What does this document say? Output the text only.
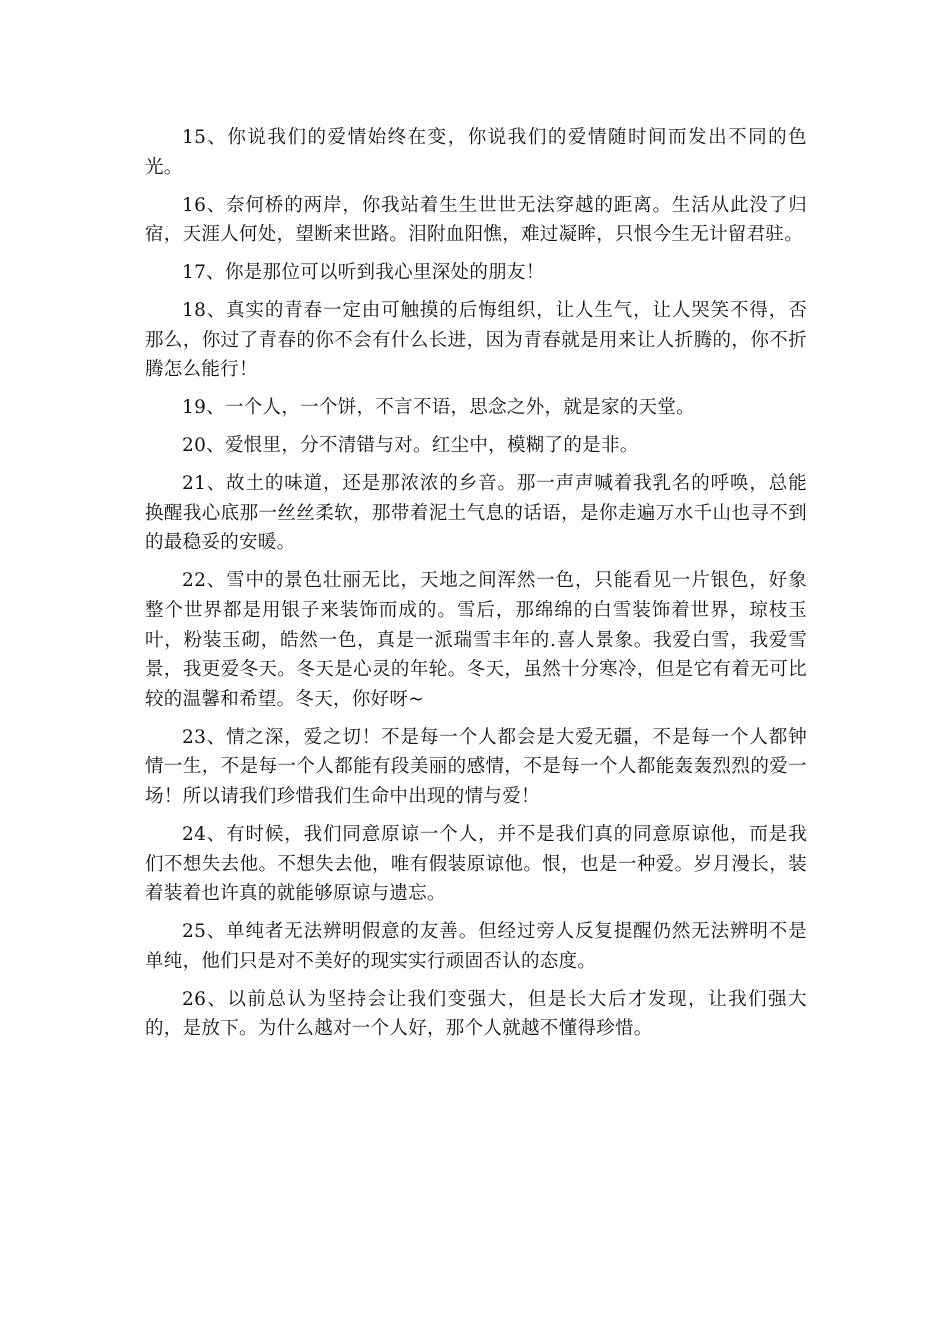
15、你说我们的爱情始终在变，你说我们的爱情随时间而发出不同的色光。

16、奈何桥的两岸，你我站着生生世世无法穿越的距离。生活从此没了归宿，天涯人何处，望断来世路。泪附血阳憔，难过凝眸，只恨今生无计留君驻。

17、你是那位可以听到我心里深处的朋友！

18、真实的青春一定由可触摸的后悔组织，让人生气，让人哭笑不得，否那么，你过了青春的你不会有什么长进，因为青春就是用来让人折腾的，你不折腾怎么能行！

19、一个人，一个饼，不言不语，思念之外，就是家的天堂。

20、爱恨里，分不清错与对。红尘中，模糊了的是非。

21、故土的味道，还是那浓浓的乡音。那一声声喊着我乳名的呼唤，总能换醒我心底那一丝丝柔软，那带着泥土气息的话语，是你走遍万水千山也寻不到的最稳妥的安暖。

22、雪中的景色壮丽无比，天地之间浑然一色，只能看见一片银色，好象整个世界都是用银子来装饰而成的。雪后，那绵绵的白雪装饰着世界，琼枝玉叶，粉装玉砌，皓然一色，真是一派瑞雪丰年的.喜人景象。我爱白雪，我爱雪景，我更爱冬天。冬天是心灵的年轮。冬天，虽然十分寒冷，但是它有着无可比较的温馨和希望。冬天，你好呀~

23、情之深，爱之切！不是每一个人都会是大爱无疆，不是每一个人都钟情一生，不是每一个人都能有段美丽的感情，不是每一个人都能轰轰烈烈的爱一场！所以请我们珍惜我们生命中出现的情与爱！

24、有时候，我们同意原谅一个人，并不是我们真的同意原谅他，而是我们不想失去他。不想失去他，唯有假装原谅他。恨，也是一种爱。岁月漫长，装着装着也许真的就能够原谅与遗忘。

25、单纯者无法辨明假意的友善。但经过旁人反复提醒仍然无法辨明不是单纯，他们只是对不美好的现实实行顽固否认的态度。

26、以前总认为坚持会让我们变强大，但是长大后才发现，让我们强大的，是放下。为什么越对一个人好，那个人就越不懂得珍惜。
